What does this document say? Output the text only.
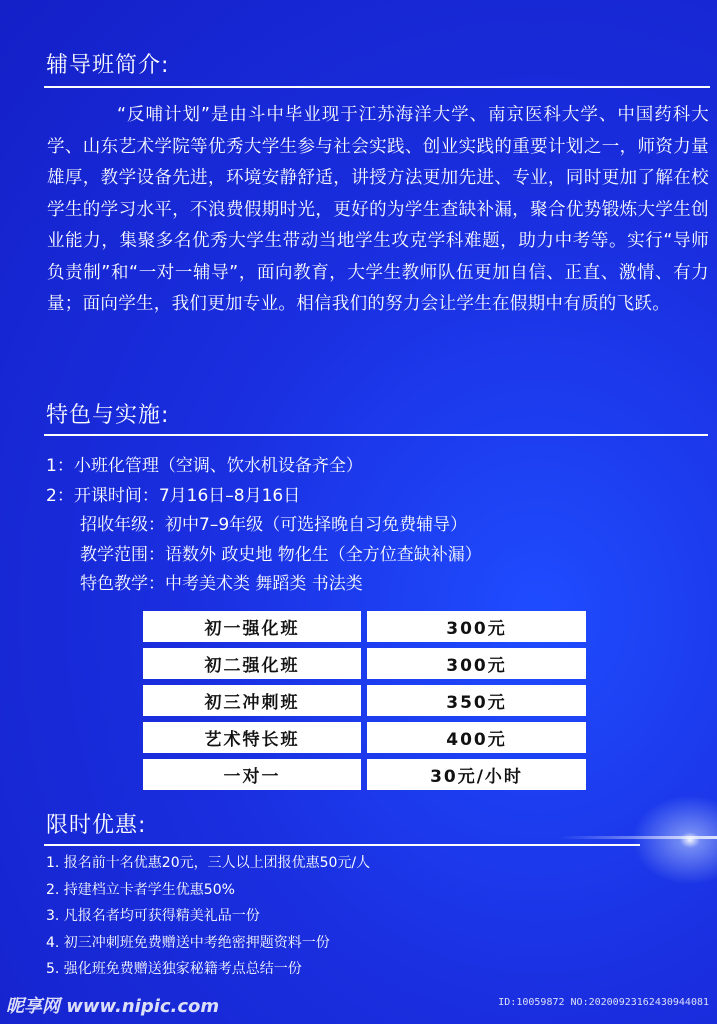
辅导班简介:
“反哺计划”是由斗中毕业现于江苏海洋大学、南京医科大学、中国药科大学、山东艺术学院等优秀大学生参与社会实践、创业实践的重要计划之一，师资力量雄厚，教学设备先进，环境安静舒适，讲授方法更加先进、专业，同时更加了解在校学生的学习水平，不浪费假期时光，更好的为学生查缺补漏，聚合优势锻炼大学生创业能力，集聚多名优秀大学生带动当地学生攻克学科难题，助力中考等。实行“导师负责制”和“一对一辅导”，面向教育，大学生教师队伍更加自信、正直、激情、有力量；面向学生，我们更加专业。相信我们的努力会让学生在假期中有质的飞跃。
特色与实施:
1：小班化管理（空调、饮水机设备齐全）
2：开课时间：7月16日–8月16日
招收年级：初中7–9年级（可选择晚自习免费辅导）
教学范围：语数外 政史地 物化生（全方位查缺补漏）
特色教学：中考美术类 舞蹈类 书法类
初一强化班	300元
初二强化班	300元
初三冲刺班	350元
艺术特长班	400元
一对一	30元/小时
限时优惠:
1. 报名前十名优惠20元，三人以上团报优惠50元/人
2. 持建档立卡者学生优惠50%
3. 凡报名者均可获得精美礼品一份
4. 初三冲刺班免费赠送中考绝密押题资料一份
5. 强化班免费赠送独家秘籍考点总结一份
昵享网 www.nipic.com	ID:10059872 NO:20200923162430944081
